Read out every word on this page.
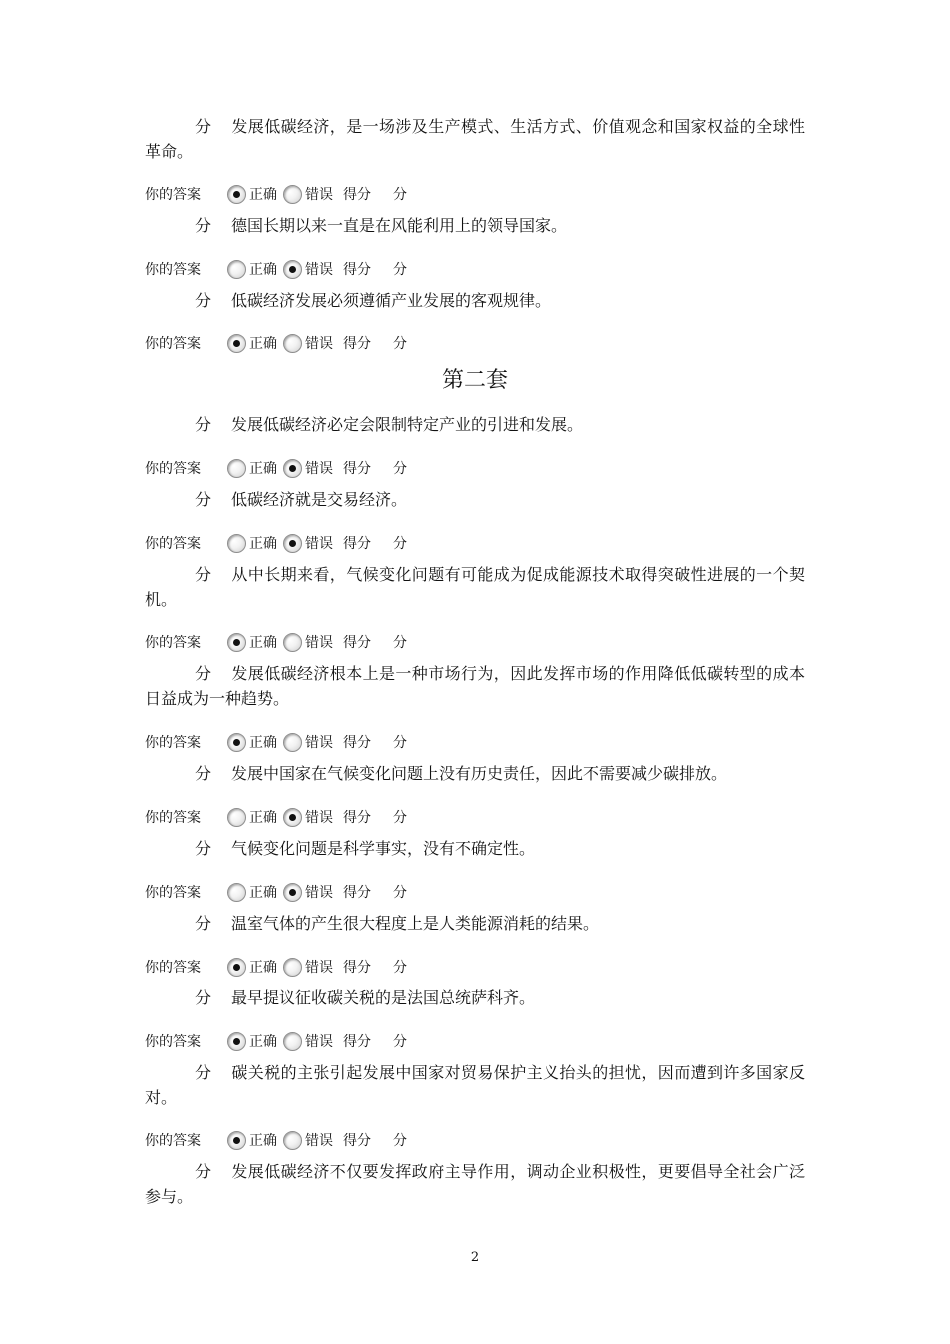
分 发展低碳经济，是一场涉及生产模式、生活方式、价值观念和国家权益的全球性革命。

你的答案	正确 错误 得分	分

分 德国长期以来一直是在风能利用上的领导国家。

你的答案	正确 错误 得分	分

分 低碳经济发展必须遵循产业发展的客观规律。

你的答案	正确 错误 得分	分
第二套

分 发展低碳经济必定会限制特定产业的引进和发展。

你的答案	正确 错误 得分	分

分 低碳经济就是交易经济。

你的答案	正确 错误 得分	分

分 从中长期来看，气候变化问题有可能成为促成能源技术取得突破性进展的一个契机。

你的答案	正确 错误 得分	分

分 发展低碳经济根本上是一种市场行为，因此发挥市场的作用降低低碳转型的成本日益成为一种趋势。

你的答案	正确 错误 得分	分

分 发展中国家在气候变化问题上没有历史责任，因此不需要减少碳排放。

你的答案	正确 错误 得分	分

分 气候变化问题是科学事实，没有不确定性。

你的答案	正确 错误 得分	分

分 温室气体的产生很大程度上是人类能源消耗的结果。

你的答案	正确 错误 得分	分

分 最早提议征收碳关税的是法国总统萨科齐。

你的答案	正确 错误 得分	分

分 碳关税的主张引起发展中国家对贸易保护主义抬头的担忧，因而遭到许多国家反对。

你的答案	正确 错误 得分	分

分 发展低碳经济不仅要发挥政府主导作用，调动企业积极性，更要倡导全社会广泛参与。

2
